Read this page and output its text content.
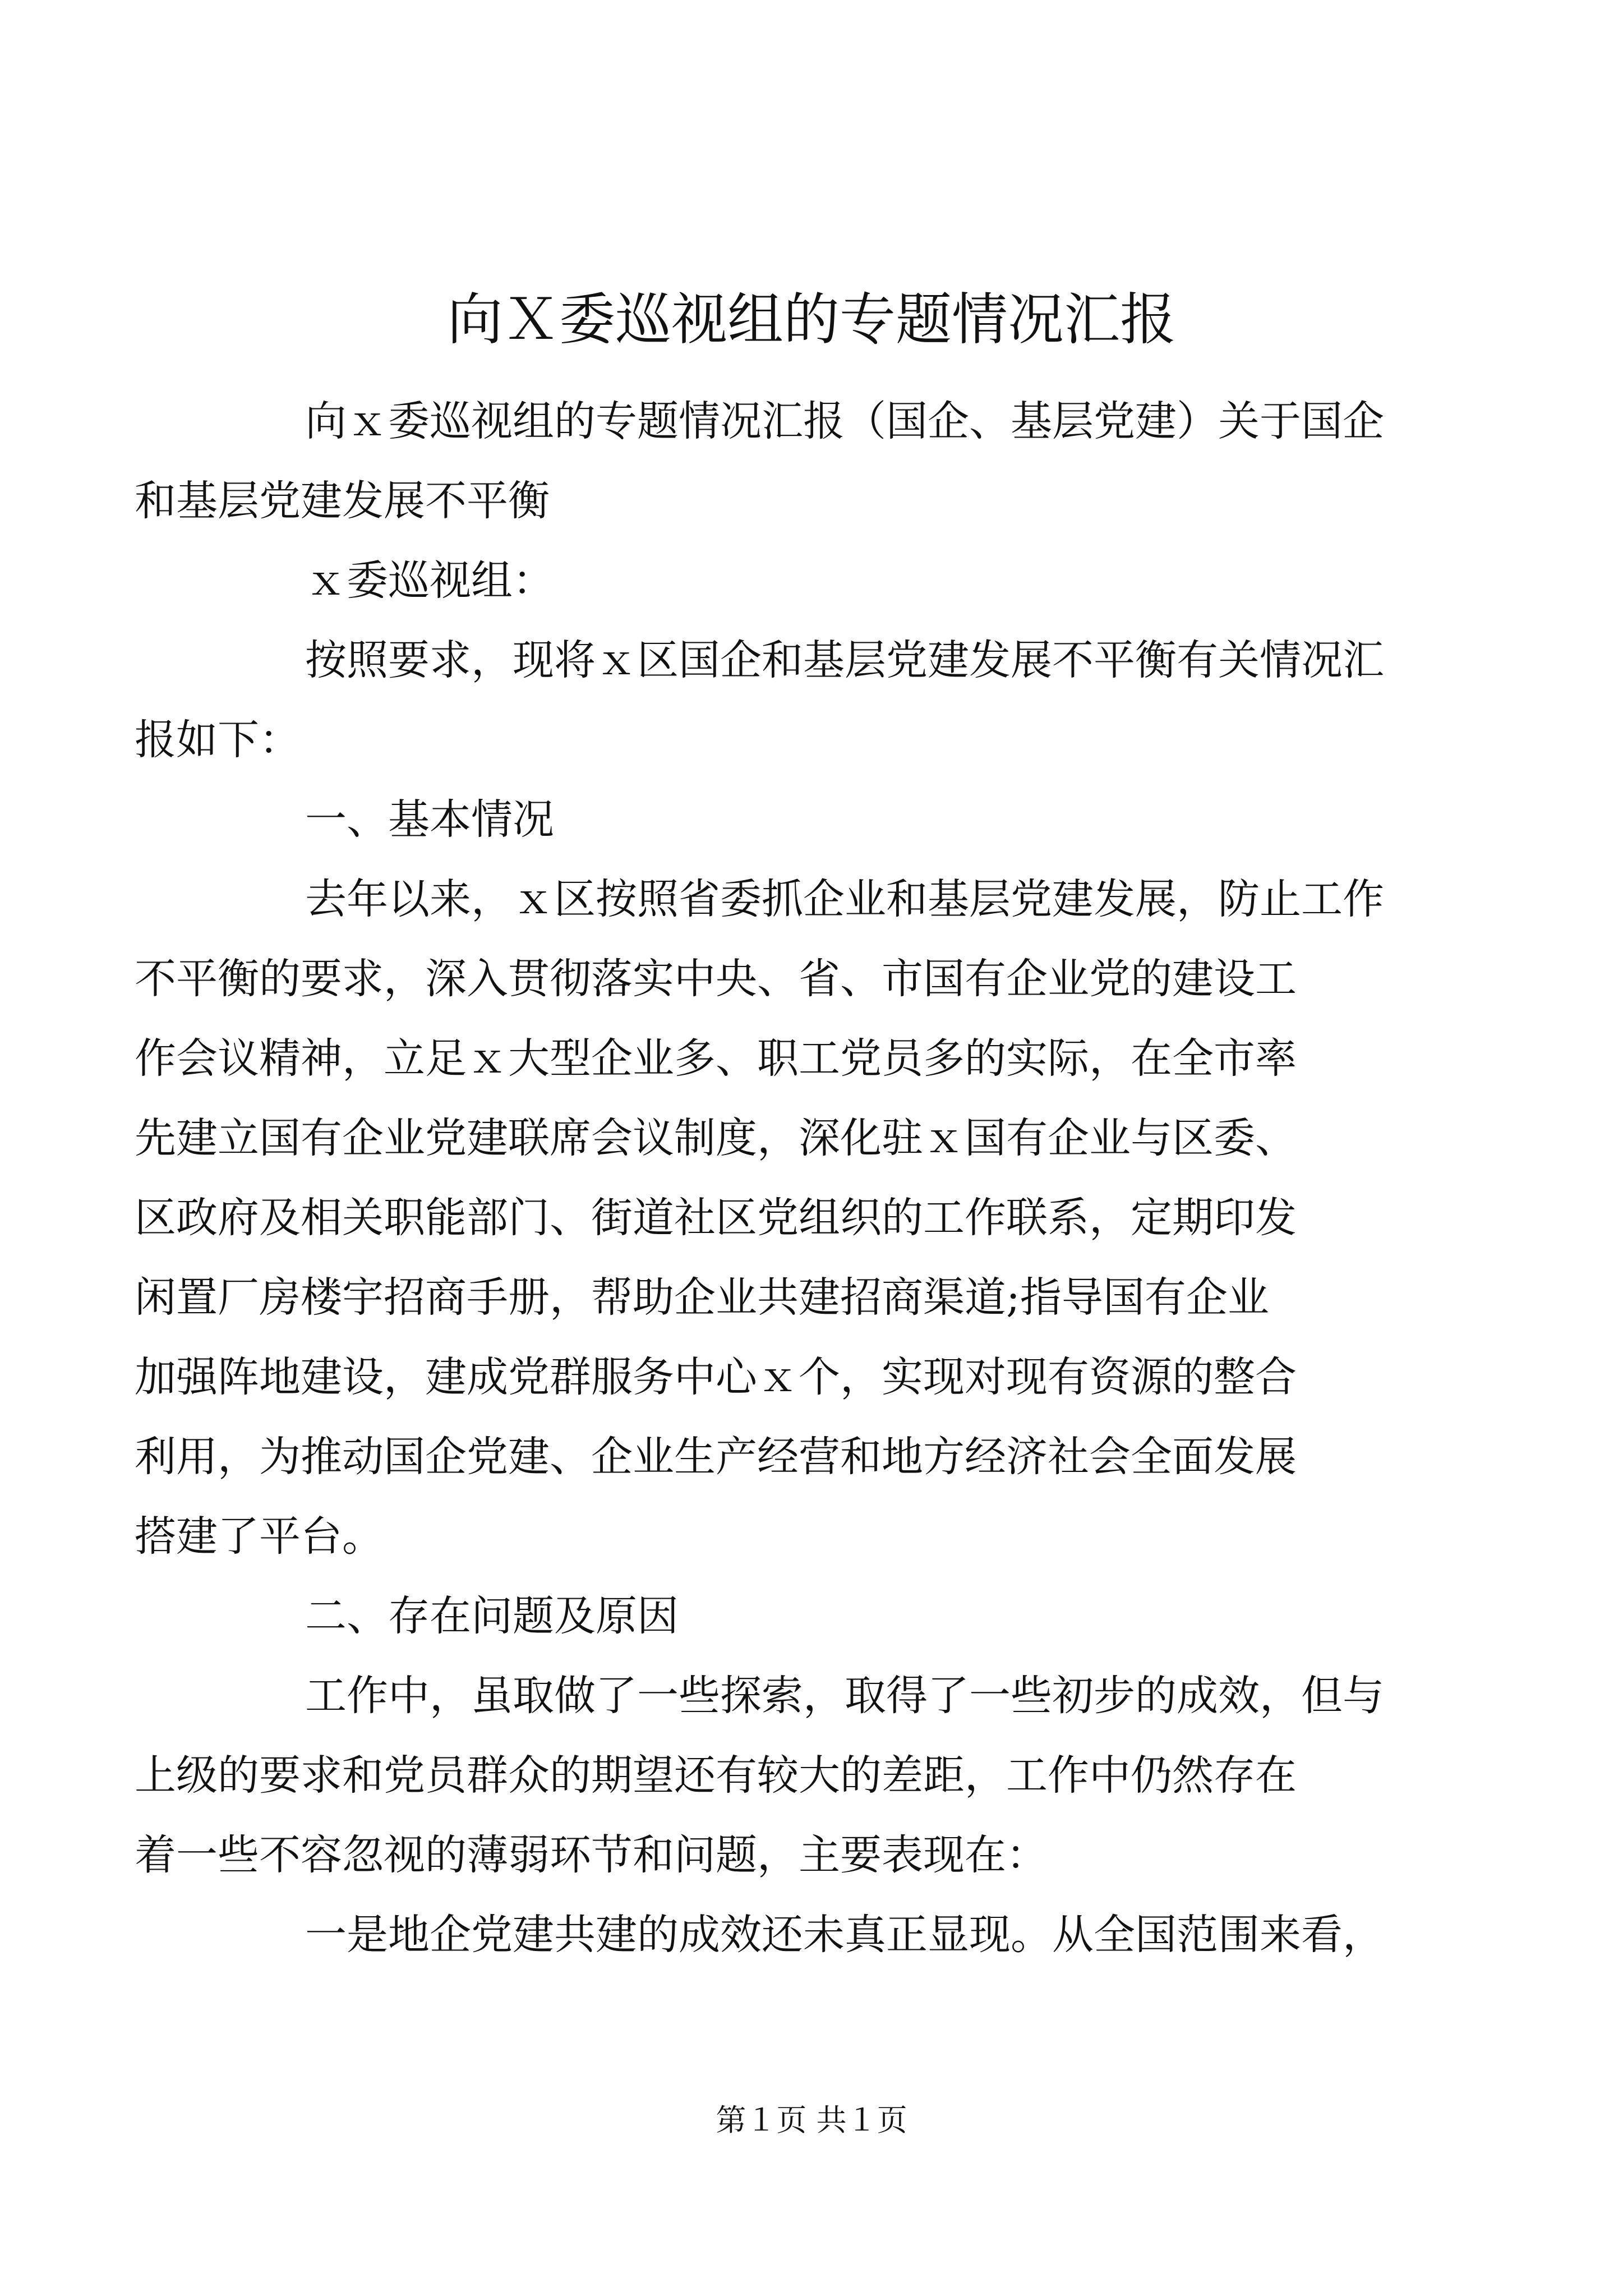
向Ｘ委巡视组的专题情况汇报

向ｘ委巡视组的专题情况汇报（国企、基层党建）关于国企
和基层党建发展不平衡

ｘ委巡视组：

按照要求，现将ｘ区国企和基层党建发展不平衡有关情况汇
报如下：

一、基本情况

去年以来，ｘ区按照省委抓企业和基层党建发展，防止工作
不平衡的要求，深入贯彻落实中央、省、市国有企业党的建设工
作会议精神，立足ｘ大型企业多、职工党员多的实际，在全市率
先建立国有企业党建联席会议制度，深化驻ｘ国有企业与区委、
区政府及相关职能部门、街道社区党组织的工作联系，定期印发
闲置厂房楼宇招商手册，帮助企业共建招商渠道;指导国有企业
加强阵地建设，建成党群服务中心ｘ个，实现对现有资源的整合
利用，为推动国企党建、企业生产经营和地方经济社会全面发展
搭建了平台。

二、存在问题及原因

工作中，虽取做了一些探索，取得了一些初步的成效，但与
上级的要求和党员群众的期望还有较大的差距，工作中仍然存在
着一些不容忽视的薄弱环节和问题，主要表现在：

一是地企党建共建的成效还未真正显现。从全国范围来看，

第１页 共１页
